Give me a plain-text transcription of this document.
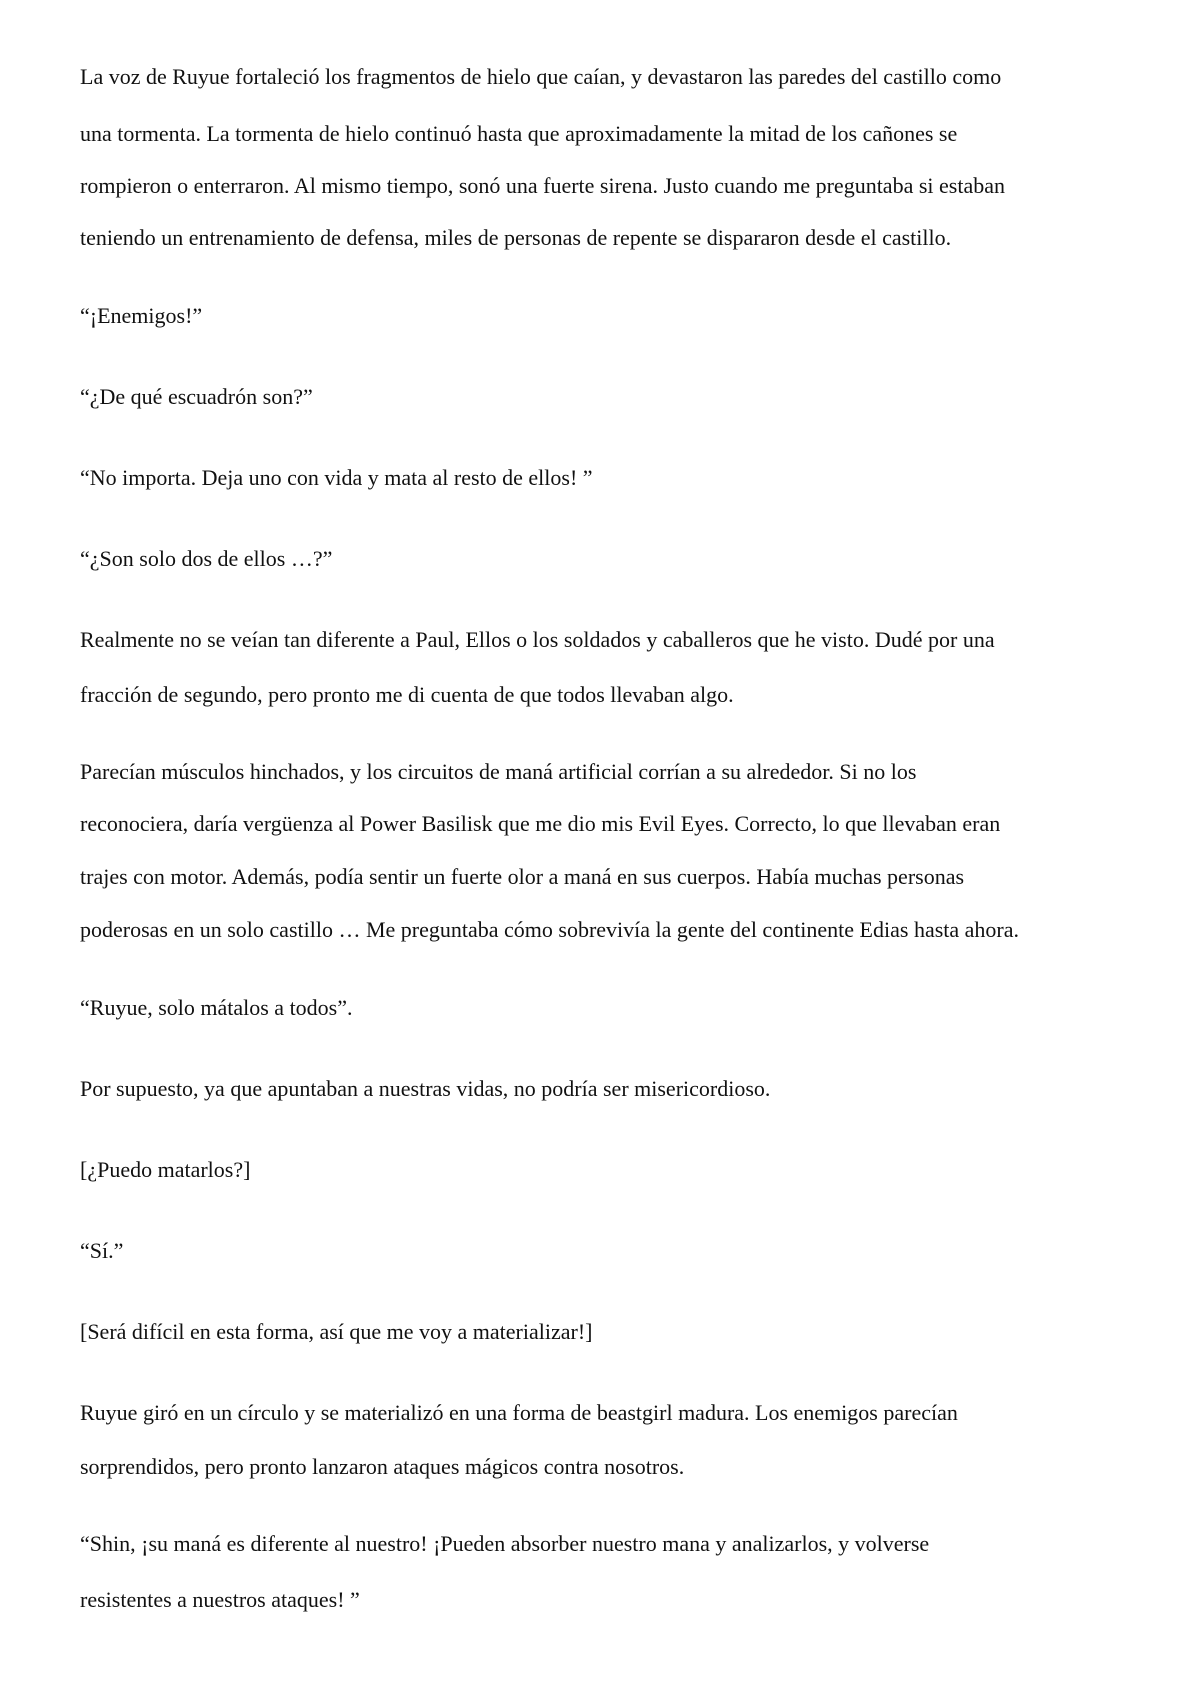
La voz de Ruyue fortaleció los fragmentos de hielo que caían, y devastaron las paredes del castillo como
una tormenta. La tormenta de hielo continuó hasta que aproximadamente la mitad de los cañones se
rompieron o enterraron. Al mismo tiempo, sonó una fuerte sirena. Justo cuando me preguntaba si estaban
teniendo un entrenamiento de defensa, miles de personas de repente se dispararon desde el castillo.
“¡Enemigos!”
“¿De qué escuadrón son?”
“No importa. Deja uno con vida y mata al resto de ellos! ”
“¿Son solo dos de ellos …?”
Realmente no se veían tan diferente a Paul, Ellos o los soldados y caballeros que he visto. Dudé por una
fracción de segundo, pero pronto me di cuenta de que todos llevaban algo.
Parecían músculos hinchados, y los circuitos de maná artificial corrían a su alrededor. Si no los
reconociera, daría vergüenza al Power Basilisk que me dio mis Evil Eyes. Correcto, lo que llevaban eran
trajes con motor. Además, podía sentir un fuerte olor a maná en sus cuerpos. Había muchas personas
poderosas en un solo castillo … Me preguntaba cómo sobrevivía la gente del continente Edias hasta ahora.
“Ruyue, solo mátalos a todos”.
Por supuesto, ya que apuntaban a nuestras vidas, no podría ser misericordioso.
[¿Puedo matarlos?]
“Sí.”
[Será difícil en esta forma, así que me voy a materializar!]
Ruyue giró en un círculo y se materializó en una forma de beastgirl madura. Los enemigos parecían
sorprendidos, pero pronto lanzaron ataques mágicos contra nosotros.
“Shin, ¡su maná es diferente al nuestro! ¡Pueden absorber nuestro mana y analizarlos, y volverse
resistentes a nuestros ataques! ”
